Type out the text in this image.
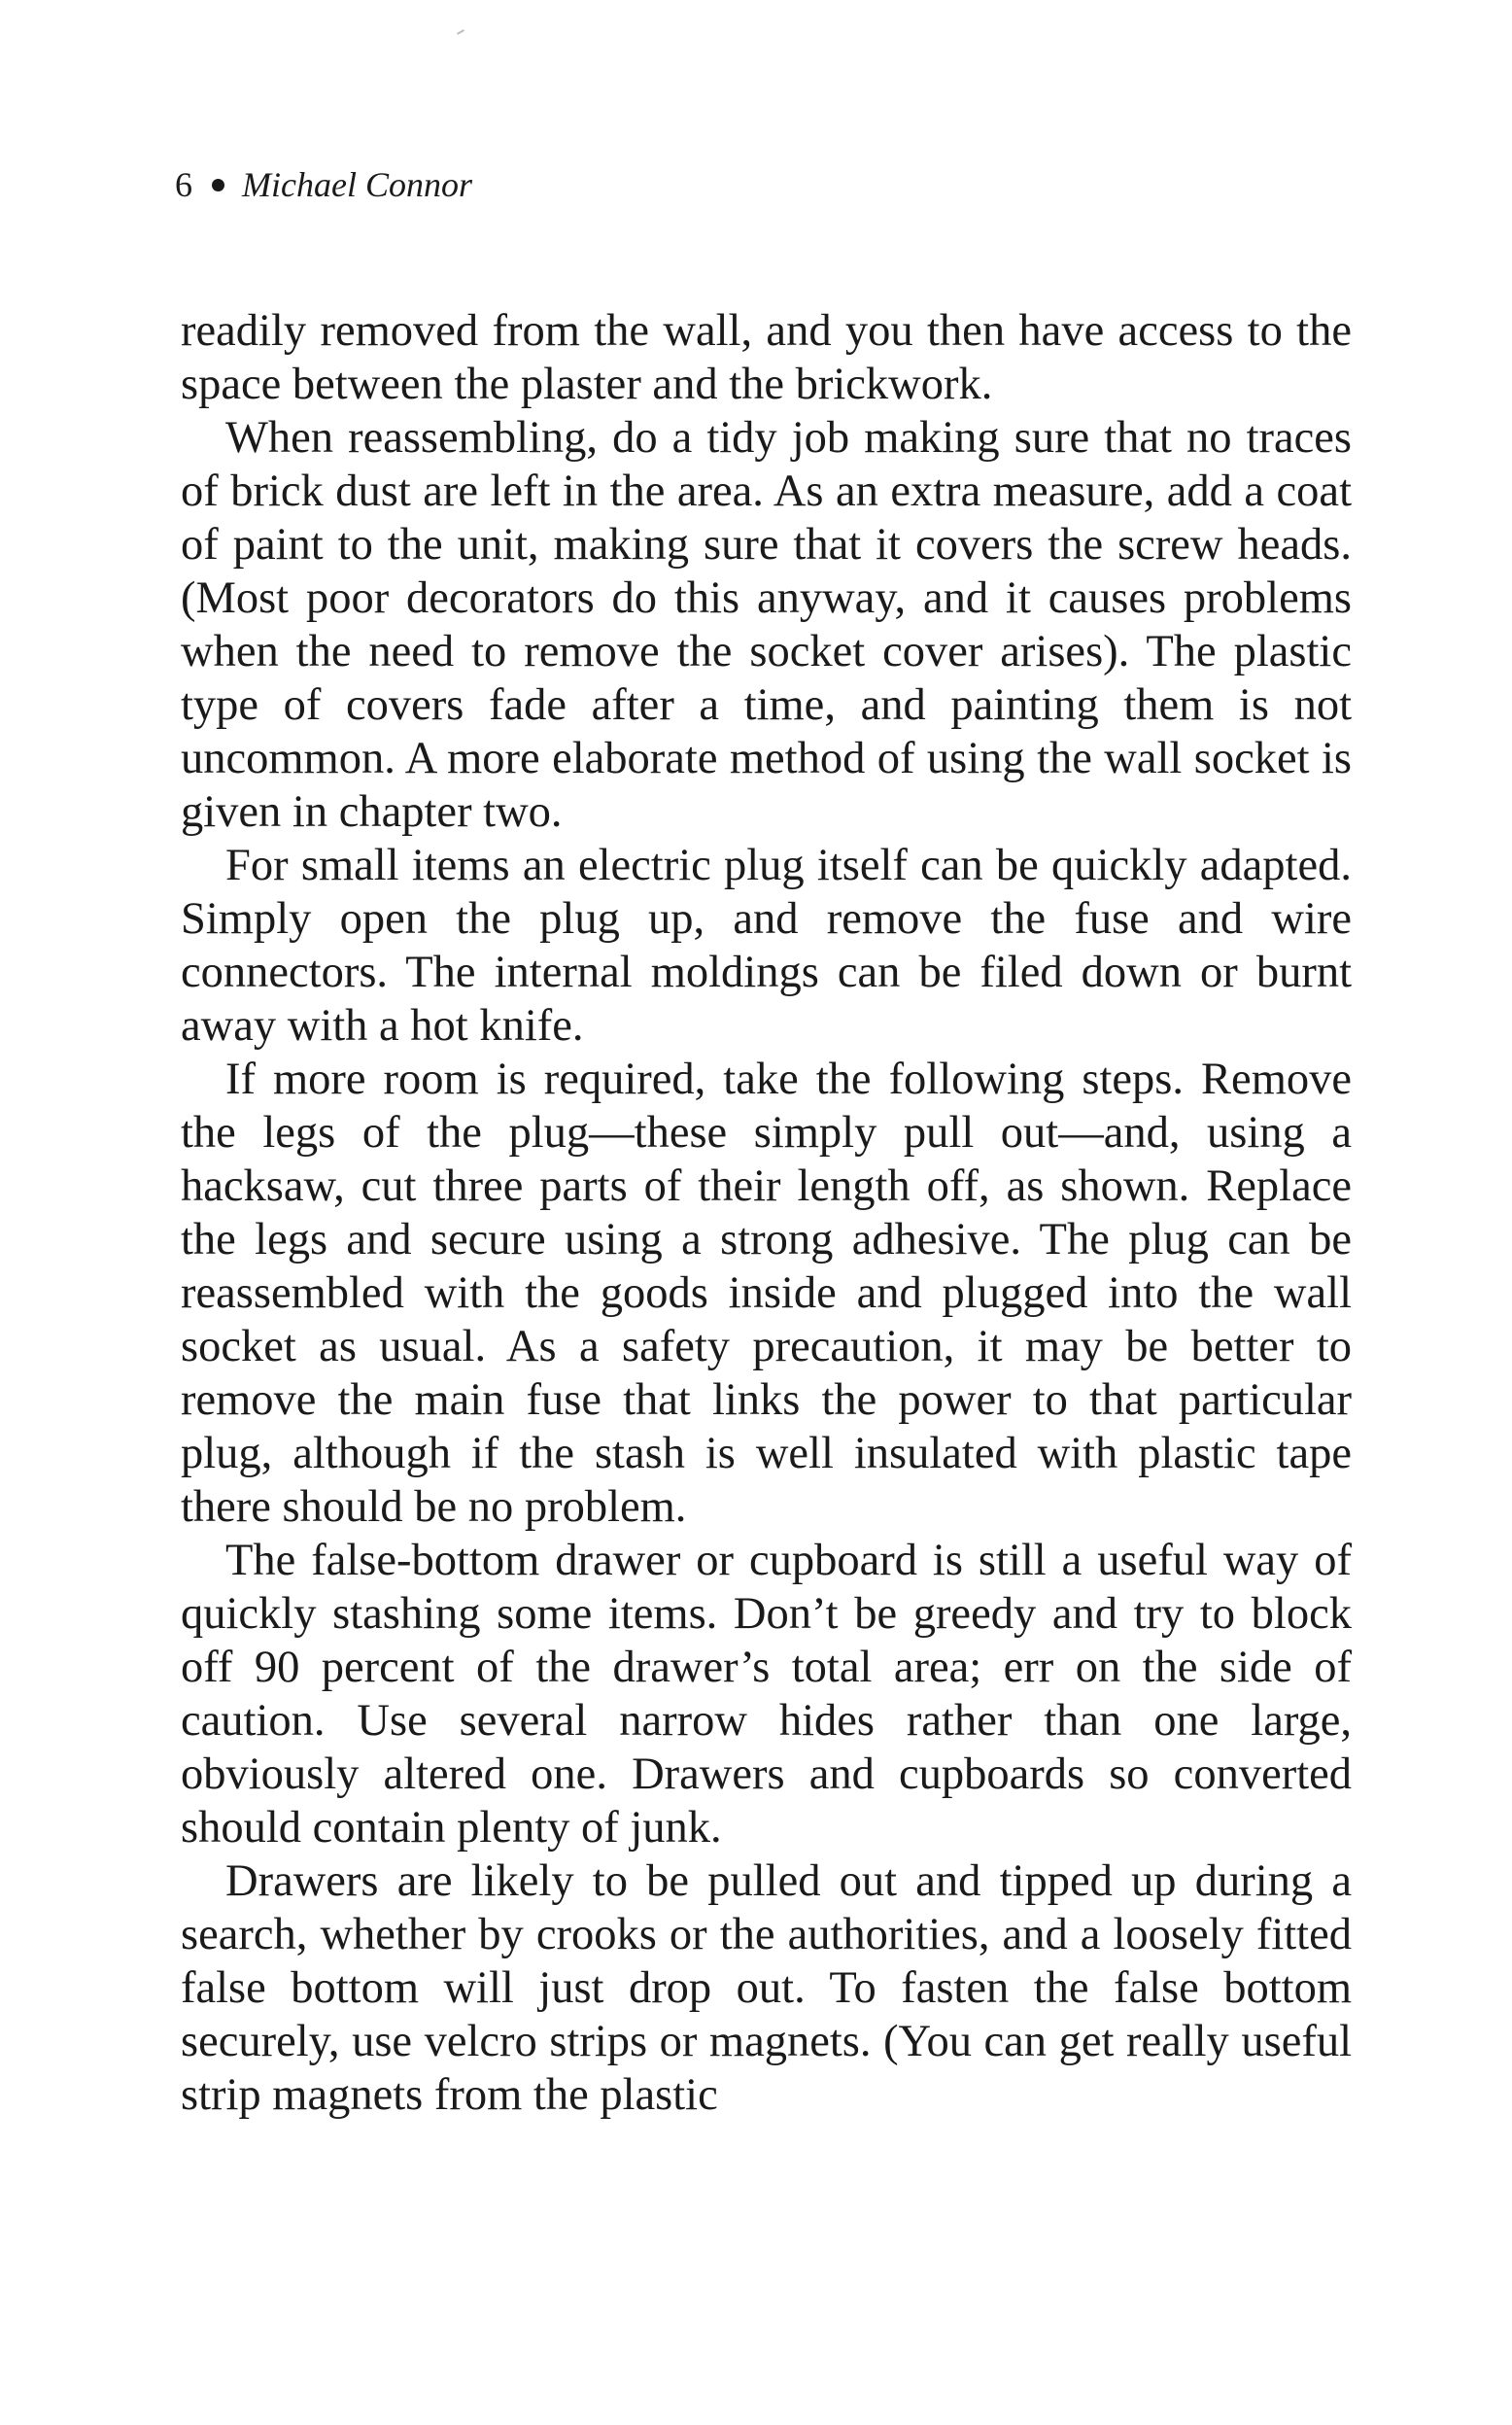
6 Michael Connor

readily removed from the wall, and you then have access to the space between the plaster and the brickwork.

When reassembling, do a tidy job making sure that no traces of brick dust are left in the area. As an extra measure, add a coat of paint to the unit, making sure that it covers the screw heads. (Most poor decorators do this anyway, and it causes problems when the need to remove the socket cover arises). The plastic type of covers fade after a time, and painting them is not uncommon. A more elaborate method of using the wall socket is given in chapter two.

For small items an electric plug itself can be quickly adapted. Simply open the plug up, and remove the fuse and wire connectors. The internal moldings can be filed down or burnt away with a hot knife.

If more room is required, take the following steps. Remove the legs of the plug—these simply pull out—and, using a hacksaw, cut three parts of their length off, as shown. Replace the legs and secure using a strong adhesive. The plug can be reassembled with the goods inside and plugged into the wall socket as usual. As a safety precaution, it may be better to remove the main fuse that links the power to that particular plug, although if the stash is well insulated with plastic tape there should be no problem.

The false-bottom drawer or cupboard is still a useful way of quickly stashing some items. Don’t be greedy and try to block off 90 percent of the drawer’s total area; err on the side of caution. Use several narrow hides rather than one large, obviously altered one. Drawers and cupboards so converted should contain plenty of junk.

Drawers are likely to be pulled out and tipped up during a search, whether by crooks or the authorities, and a loosely fitted false bottom will just drop out. To fasten the false bottom securely, use velcro strips or magnets. (You can get really useful strip magnets from the plastic
